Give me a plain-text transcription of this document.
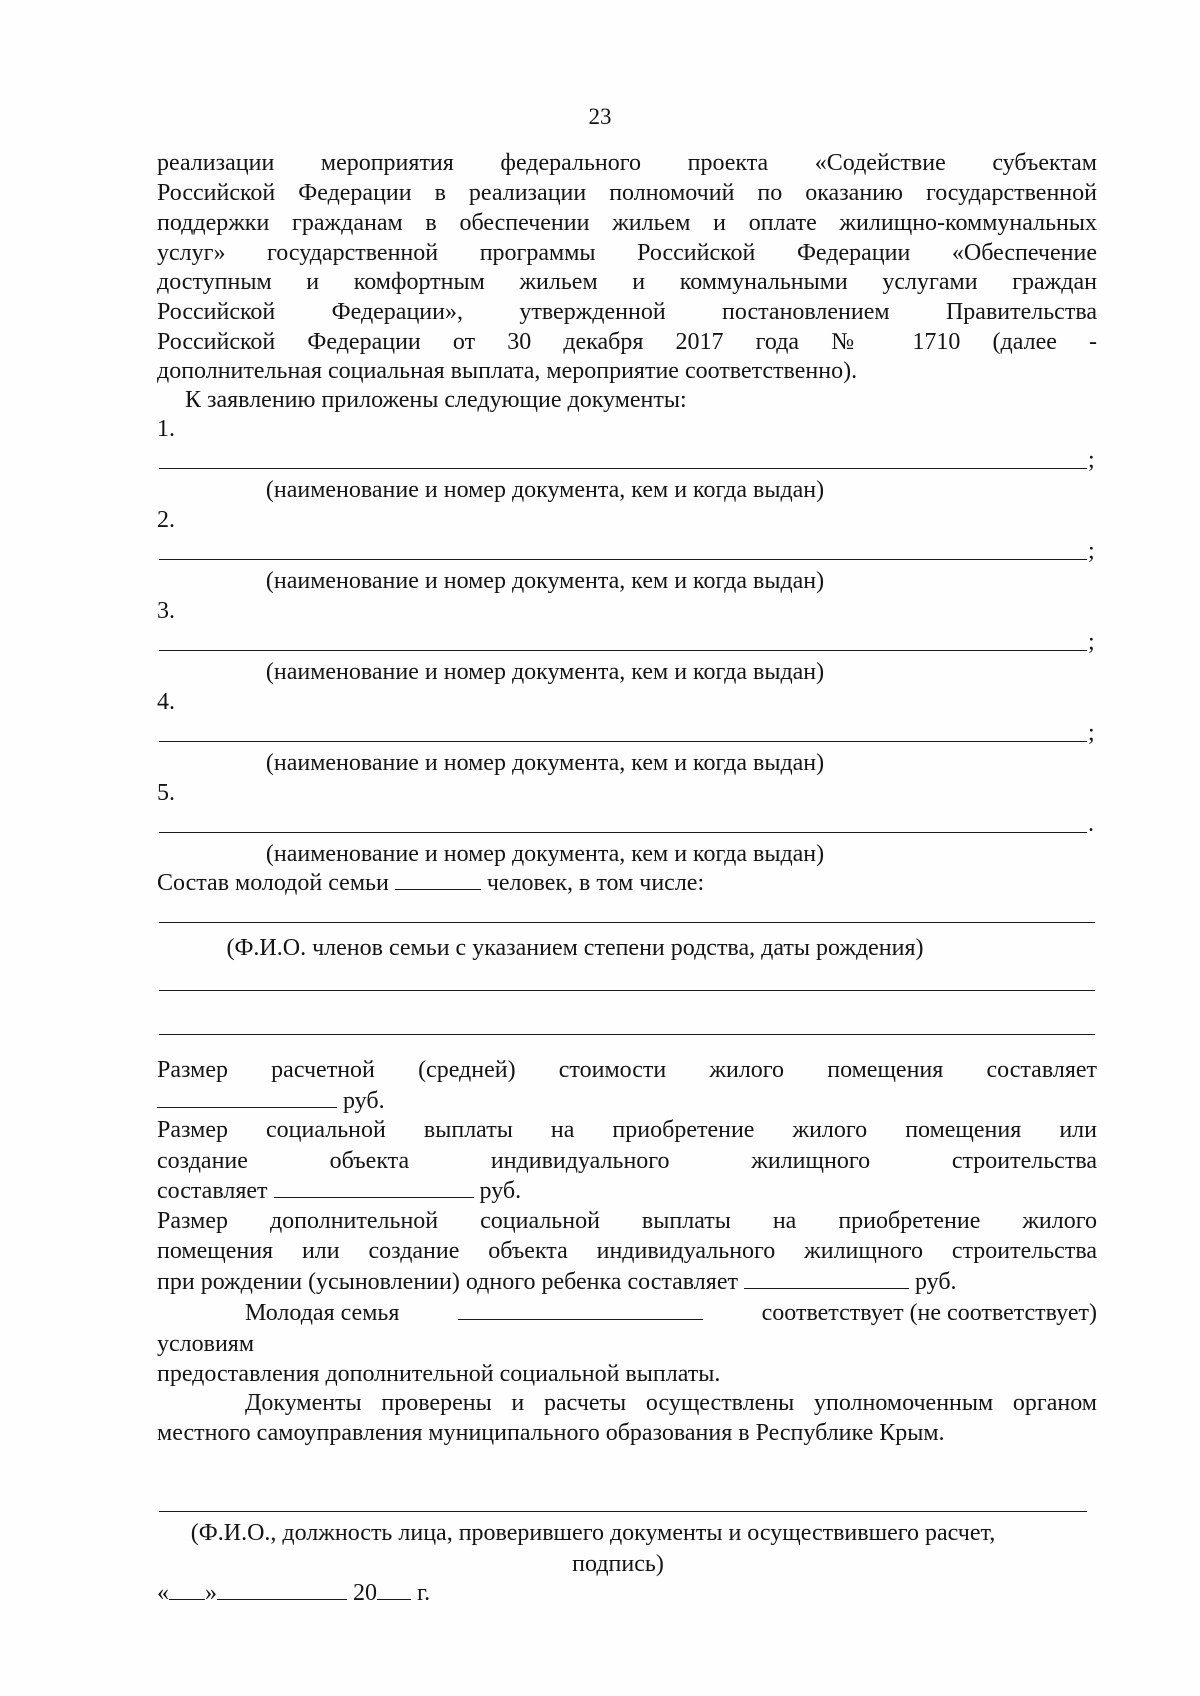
23
реализации мероприятия федерального проекта «Содействие субъектам
Российской Федерации в реализации полномочий по оказанию государственной
поддержки гражданам в обеспечении жильем и оплате жилищно-коммунальных
услуг» государственной программы Российской Федерации «Обеспечение
доступным и комфортным жильем и коммунальными услугами граждан
Российской Федерации», утвержденной постановлением Правительства
Российской Федерации от 30 декабря 2017 года № 1710 (далее -
дополнительная социальная выплата, мероприятие соответственно).
К заявлению приложены следующие документы:
1.
;
(наименование и номер документа, кем и когда выдан)
2.
;
(наименование и номер документа, кем и когда выдан)
3.
;
(наименование и номер документа, кем и когда выдан)
4.
;
(наименование и номер документа, кем и когда выдан)
5.
.
(наименование и номер документа, кем и когда выдан)
Состав молодой семьи	человек, в том числе:
(Ф.И.О. членов семьи с указанием степени родства, даты рождения)
Размер расчетной (средней) стоимости жилого помещения составляет
руб.
Размер социальной выплаты на приобретение жилого помещения или
создание объекта индивидуального жилищного строительства
составляет	руб.
Размер дополнительной социальной выплаты на приобретение жилого
помещения или создание объекта индивидуального жилищного строительства
при рождении (усыновлении) одного ребенка составляет	руб.
Молодая семья	соответствует (не соответствует)
условиям
предоставления дополнительной социальной выплаты.
Документы проверены и расчеты осуществлены уполномоченным органом
местного самоуправления муниципального образования в Республике Крым.
(Ф.И.О., должность лица, проверившего документы и осуществившего расчет,
подпись)
« »	20 г.
